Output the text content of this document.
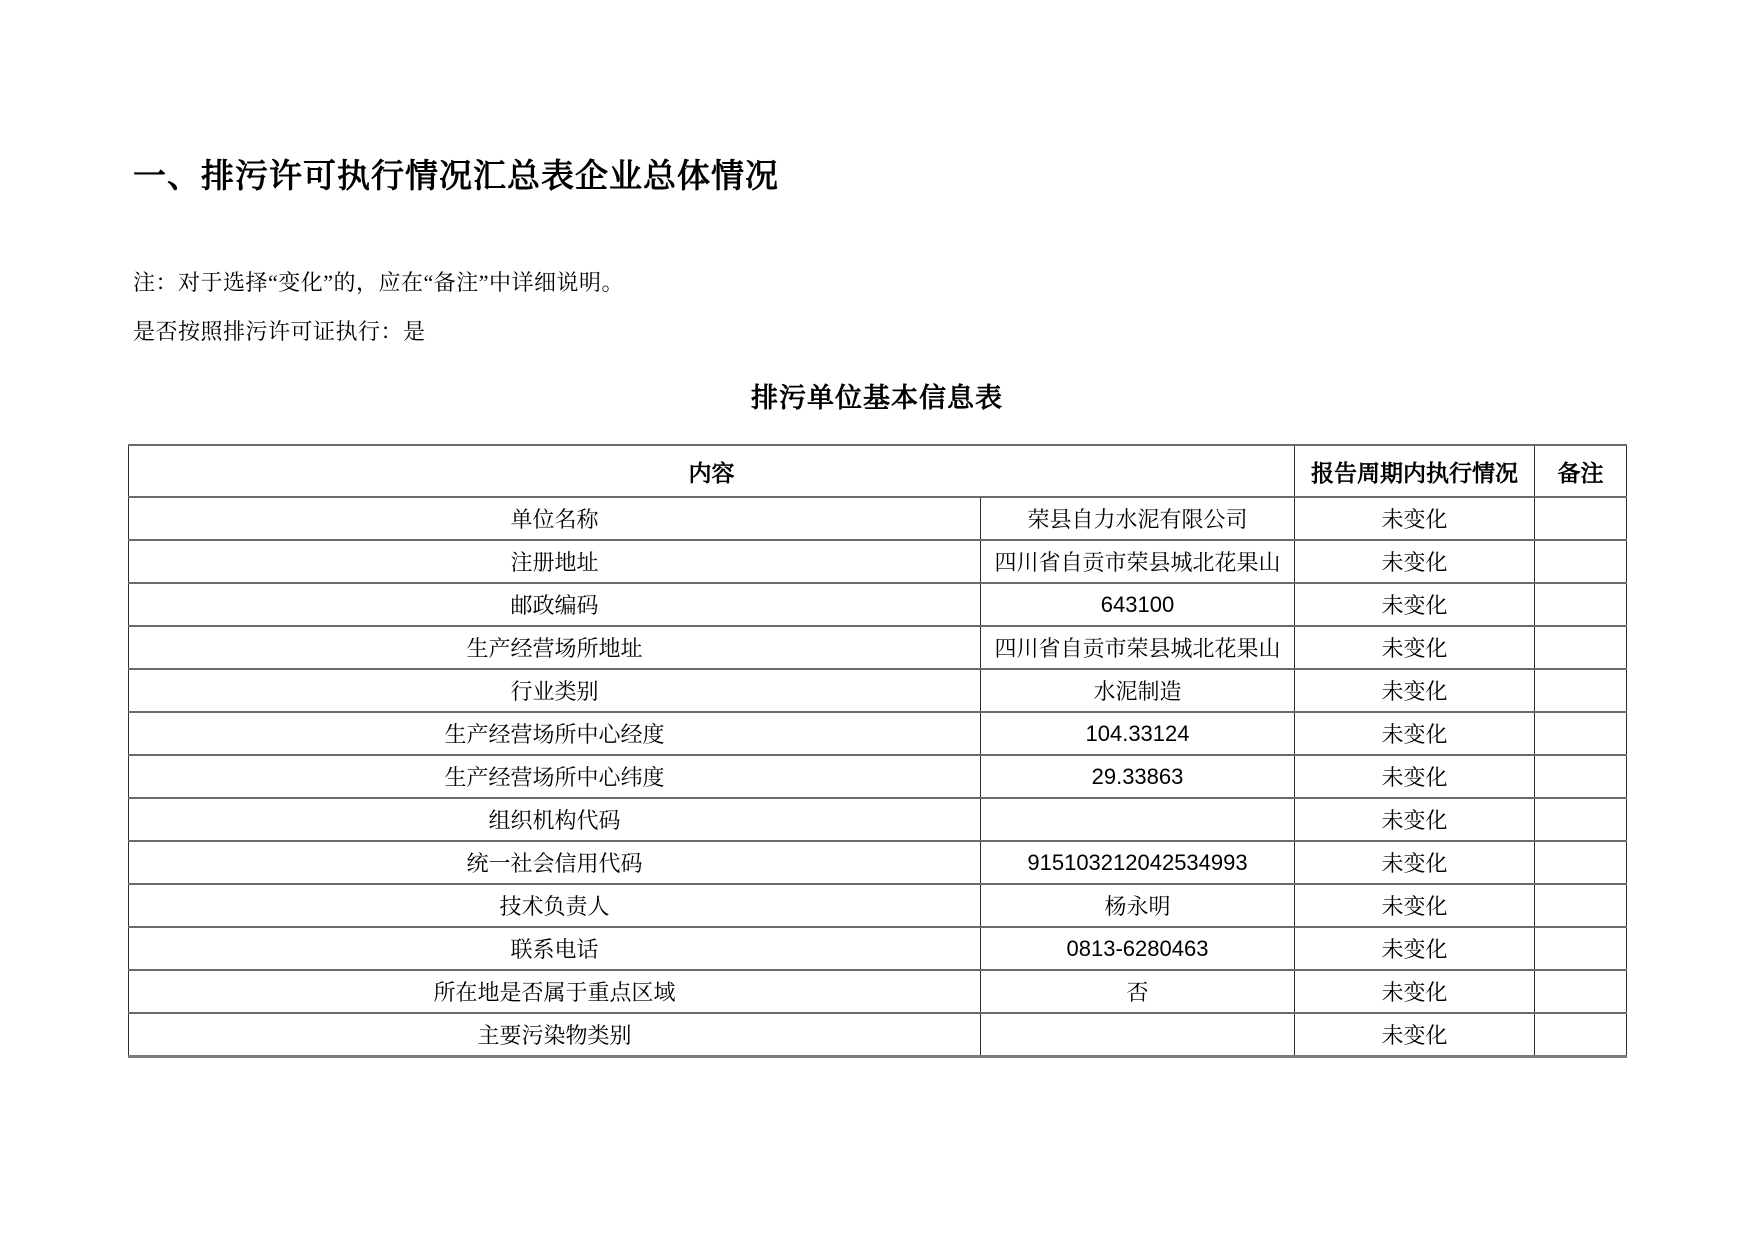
一、排污许可执行情况汇总表企业总体情况

注：对于选择“变化”的，应在“备注”中详细说明。

是否按照排污许可证执行：是

排污单位基本信息表
内容		报告周期内执行情况	备注
单位名称	荣县自力水泥有限公司	未变化	
注册地址	四川省自贡市荣县城北花果山	未变化	
邮政编码	643100	未变化	
生产经营场所地址	四川省自贡市荣县城北花果山	未变化	
行业类别	水泥制造	未变化	
生产经营场所中心经度	104.33124	未变化	
生产经营场所中心纬度	29.33863	未变化	
组织机构代码		未变化	
统一社会信用代码	915103212042534993	未变化	
技术负责人	杨永明	未变化	
联系电话	0813-6280463	未变化	
所在地是否属于重点区域	否	未变化	
主要污染物类别		未变化	
